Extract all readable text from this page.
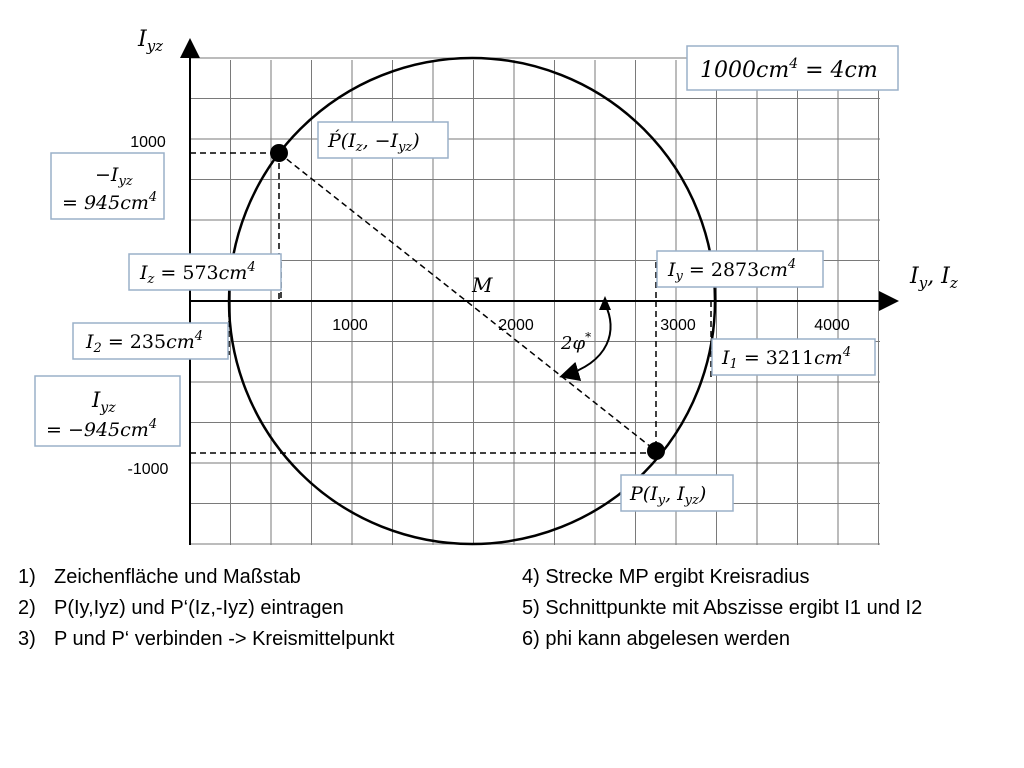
$I_{yz}$
$I_y$, $I_z$
1000	2000	3000	4000
1000
-1000
M
2φ*
$1000cm^4 = 4cm$
$Ṕ(I_z$, $-I_{yz}$)
$-I_{yz}$
= $945cm^4$
$I_z = 573cm^4$
$I_2 = 235cm^4$
$I_{yz}$
= $-945cm^4$
$I_y = 2873cm^4$
$I_1 = 3211cm^4$
$P(I_y$, $I_{yz}$)
1) Zeichenfläche und Maßstab
2) P(Iy,Iyz) und P‘(Iz,-Iyz) eintragen
3) P und P‘ verbinden -> Kreismittelpunkt
4) Strecke MP ergibt Kreisradius
5) Schnittpunkte mit Abszisse ergibt I1 und I2
6) phi kann abgelesen werden
